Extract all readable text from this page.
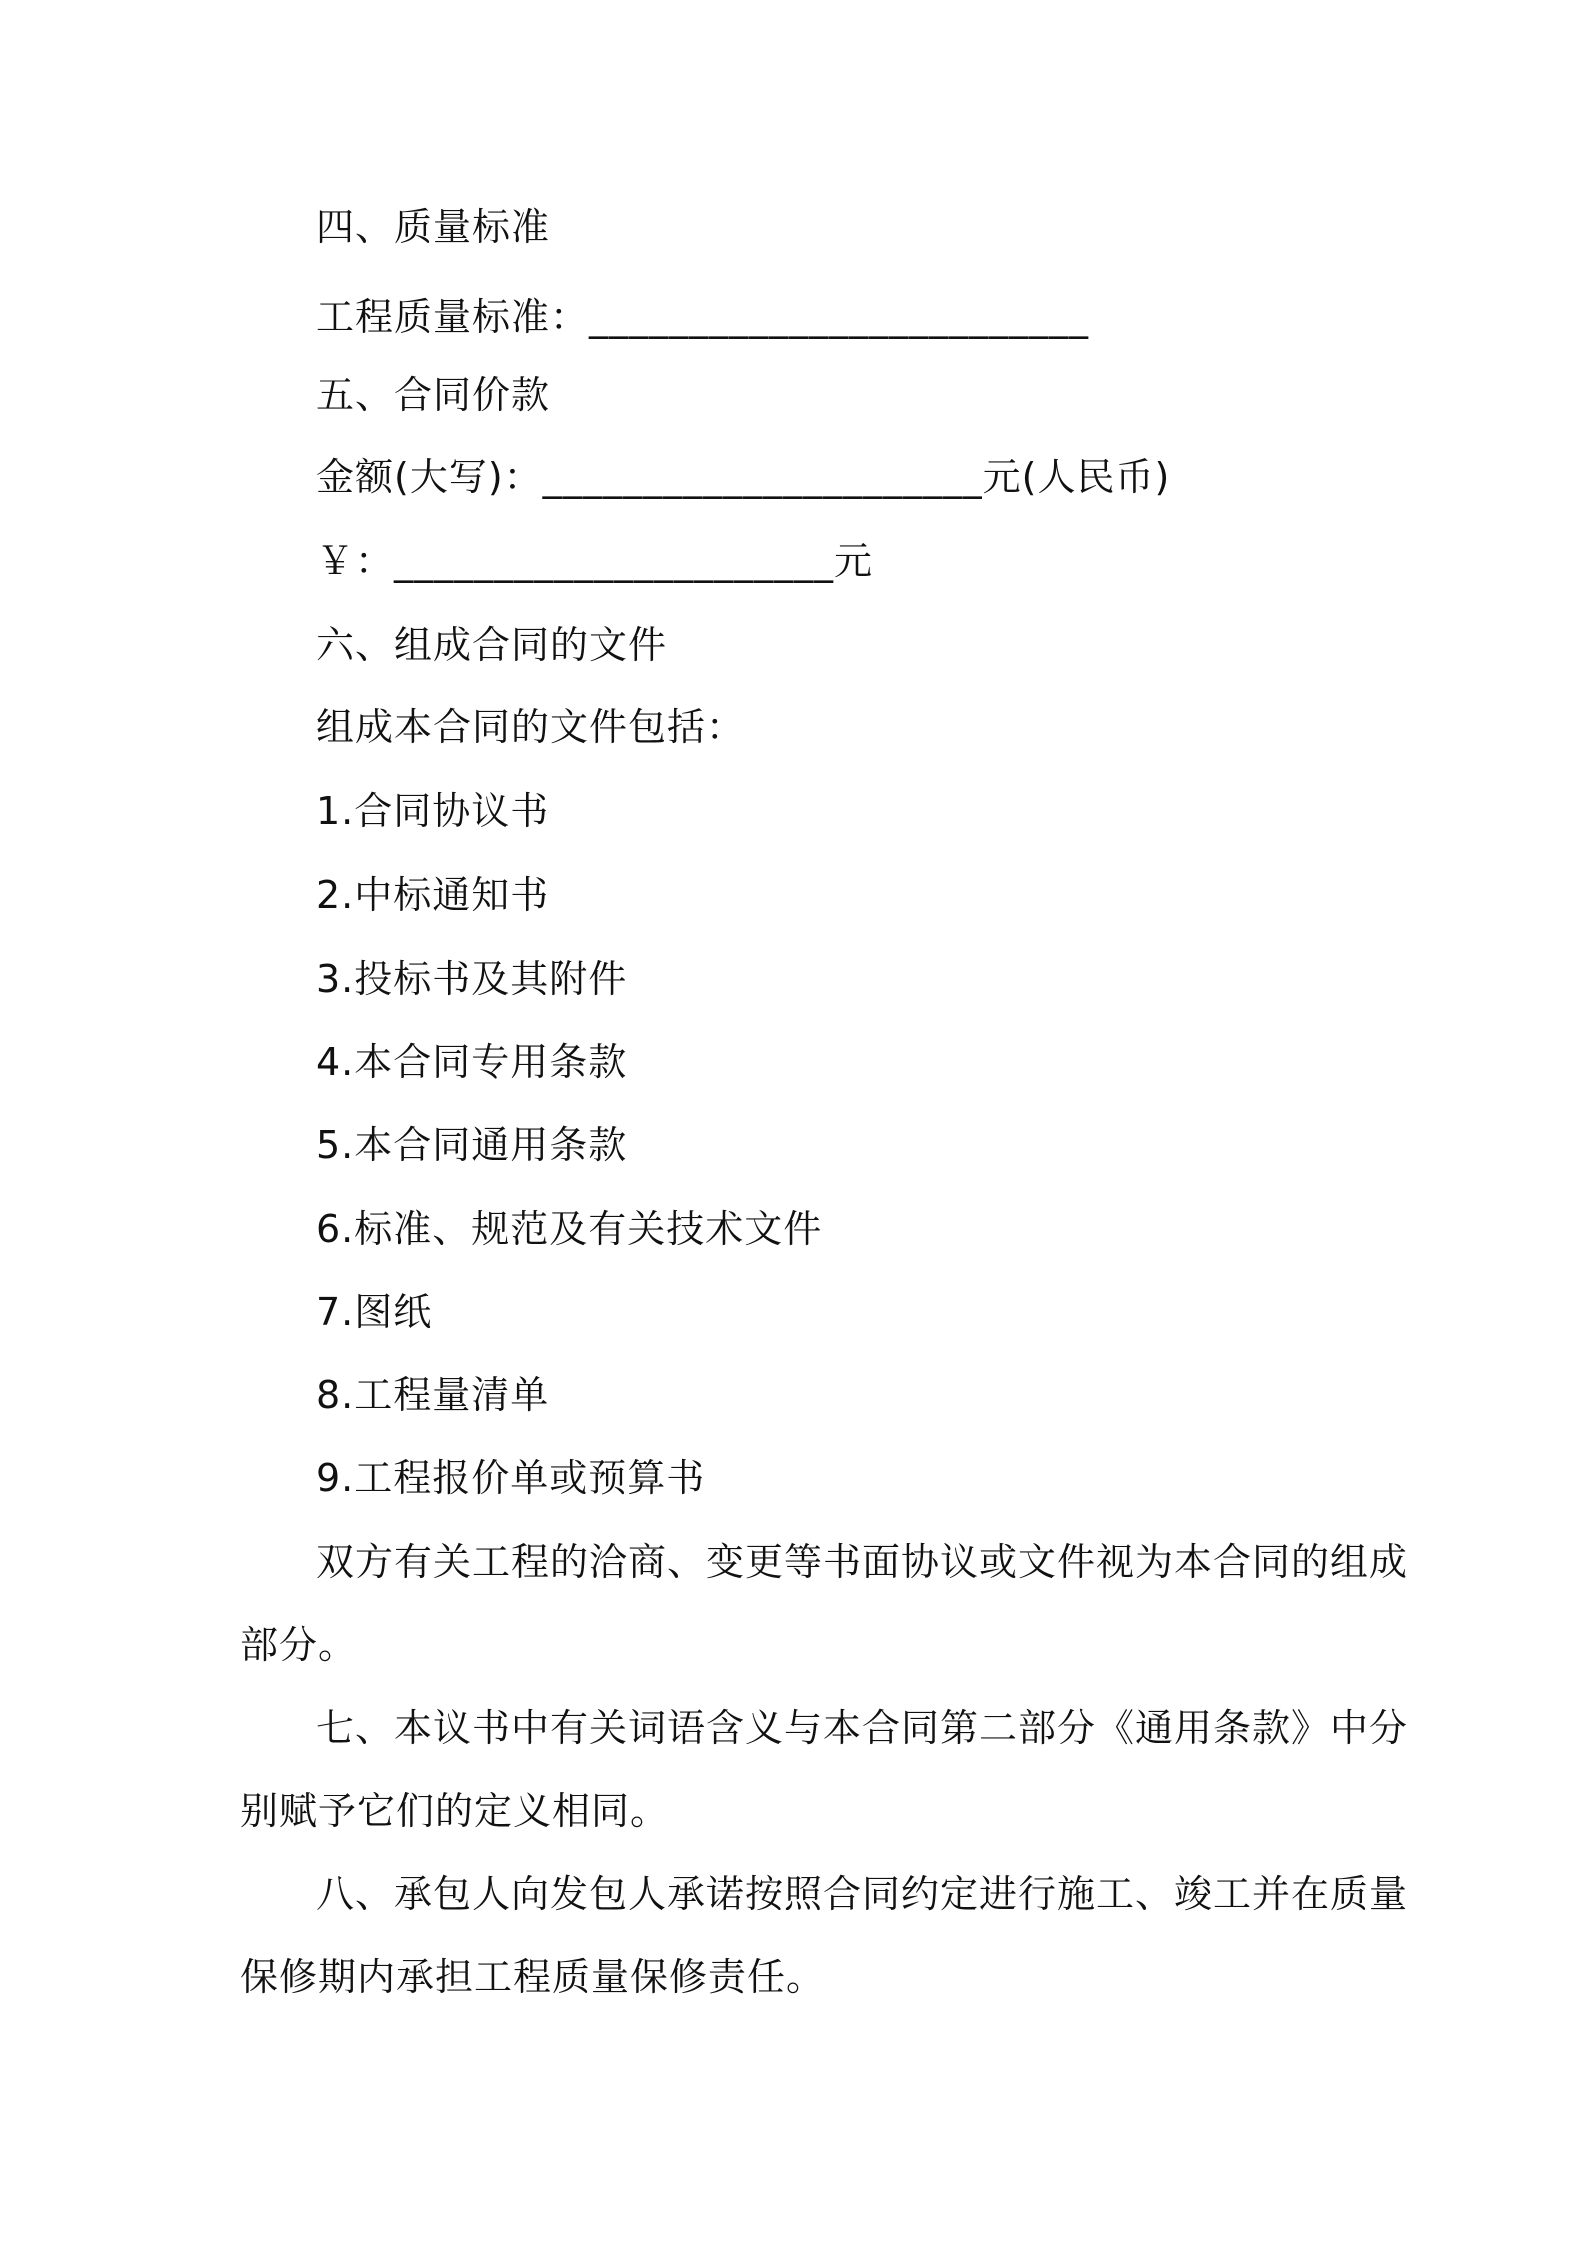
四、质量标准
工程质量标准：_________________________
五、合同价款
金额(大写)：______________________元(人民币)
￥：______________________元
六、组成合同的文件
组成本合同的文件包括：
1.合同协议书
2.中标通知书
3.投标书及其附件
4.本合同专用条款
5.本合同通用条款
6.标准、规范及有关技术文件
7.图纸
8.工程量清单
9.工程报价单或预算书
双方有关工程的洽商、变更等书面协议或文件视为本合同的组成
部分。
七、本议书中有关词语含义与本合同第二部分《通用条款》中分
别赋予它们的定义相同。
八、承包人向发包人承诺按照合同约定进行施工、竣工并在质量
保修期内承担工程质量保修责任。
